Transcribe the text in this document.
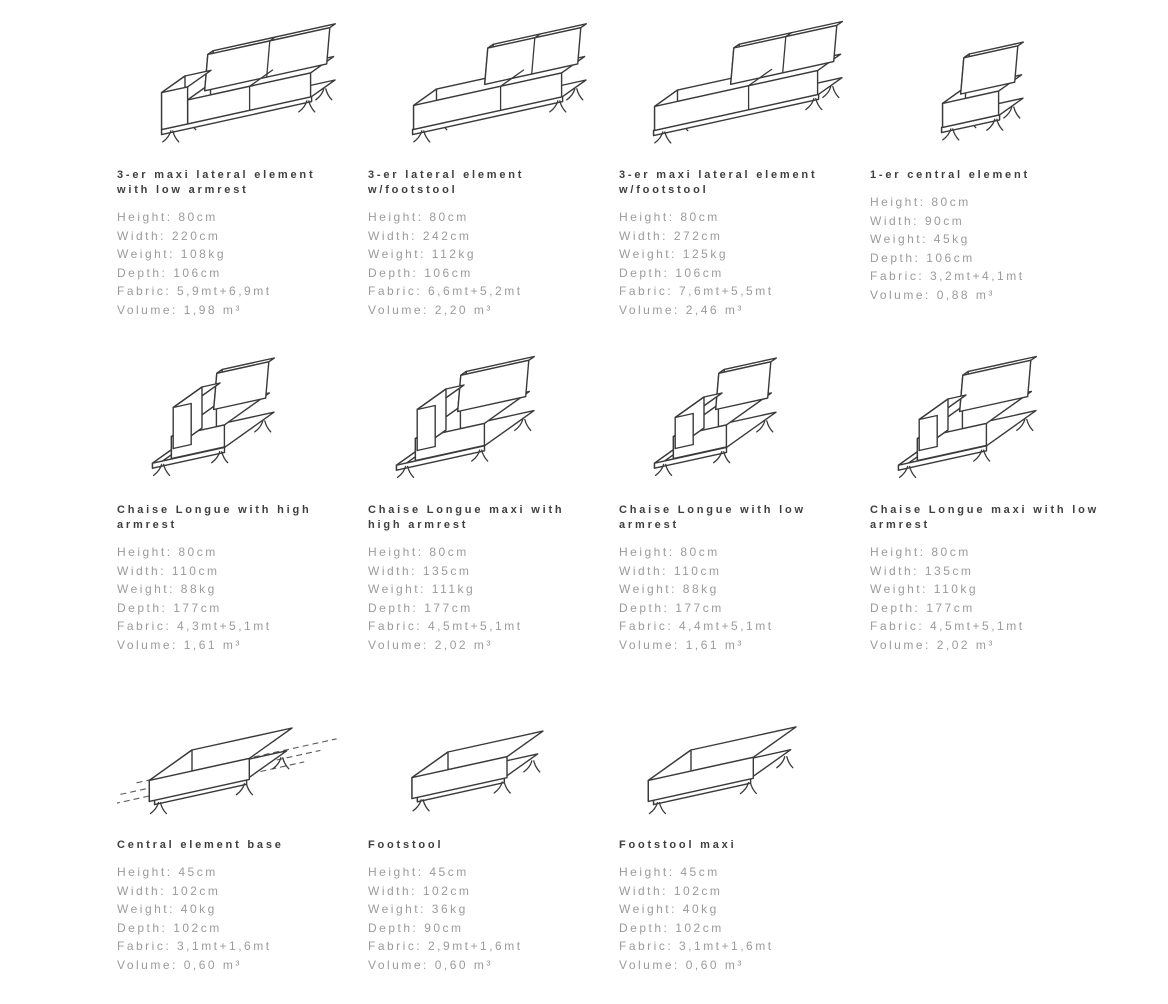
3-er maxi lateral element with low armrest
Height: 80cm
Width: 220cm
Weight: 108kg
Depth: 106cm
Fabric: 5,9mt+6,9mt
Volume: 1,98 m³
3-er lateral element w/footstool
Height: 80cm
Width: 242cm
Weight: 112kg
Depth: 106cm
Fabric: 6,6mt+5,2mt
Volume: 2,20 m³
3-er maxi lateral element w/footstool
Height: 80cm
Width: 272cm
Weight: 125kg
Depth: 106cm
Fabric: 7,6mt+5,5mt
Volume: 2,46 m³
1-er central element
Height: 80cm
Width: 90cm
Weight: 45kg
Depth: 106cm
Fabric: 3,2mt+4,1mt
Volume: 0,88 m³
Chaise Longue with high armrest
Height: 80cm
Width: 110cm
Weight: 88kg
Depth: 177cm
Fabric: 4,3mt+5,1mt
Volume: 1,61 m³
Chaise Longue maxi with high armrest
Height: 80cm
Width: 135cm
Weight: 111kg
Depth: 177cm
Fabric: 4,5mt+5,1mt
Volume: 2,02 m³
Chaise Longue with low armrest
Height: 80cm
Width: 110cm
Weight: 88kg
Depth: 177cm
Fabric: 4,4mt+5,1mt
Volume: 1,61 m³
Chaise Longue maxi with low armrest
Height: 80cm
Width: 135cm
Weight: 110kg
Depth: 177cm
Fabric: 4,5mt+5,1mt
Volume: 2,02 m³
Central element base
Height: 45cm
Width: 102cm
Weight: 40kg
Depth: 102cm
Fabric: 3,1mt+1,6mt
Volume: 0,60 m³
Footstool
Height: 45cm
Width: 102cm
Weight: 36kg
Depth: 90cm
Fabric: 2,9mt+1,6mt
Volume: 0,60 m³
Footstool maxi
Height: 45cm
Width: 102cm
Weight: 40kg
Depth: 102cm
Fabric: 3,1mt+1,6mt
Volume: 0,60 m³
